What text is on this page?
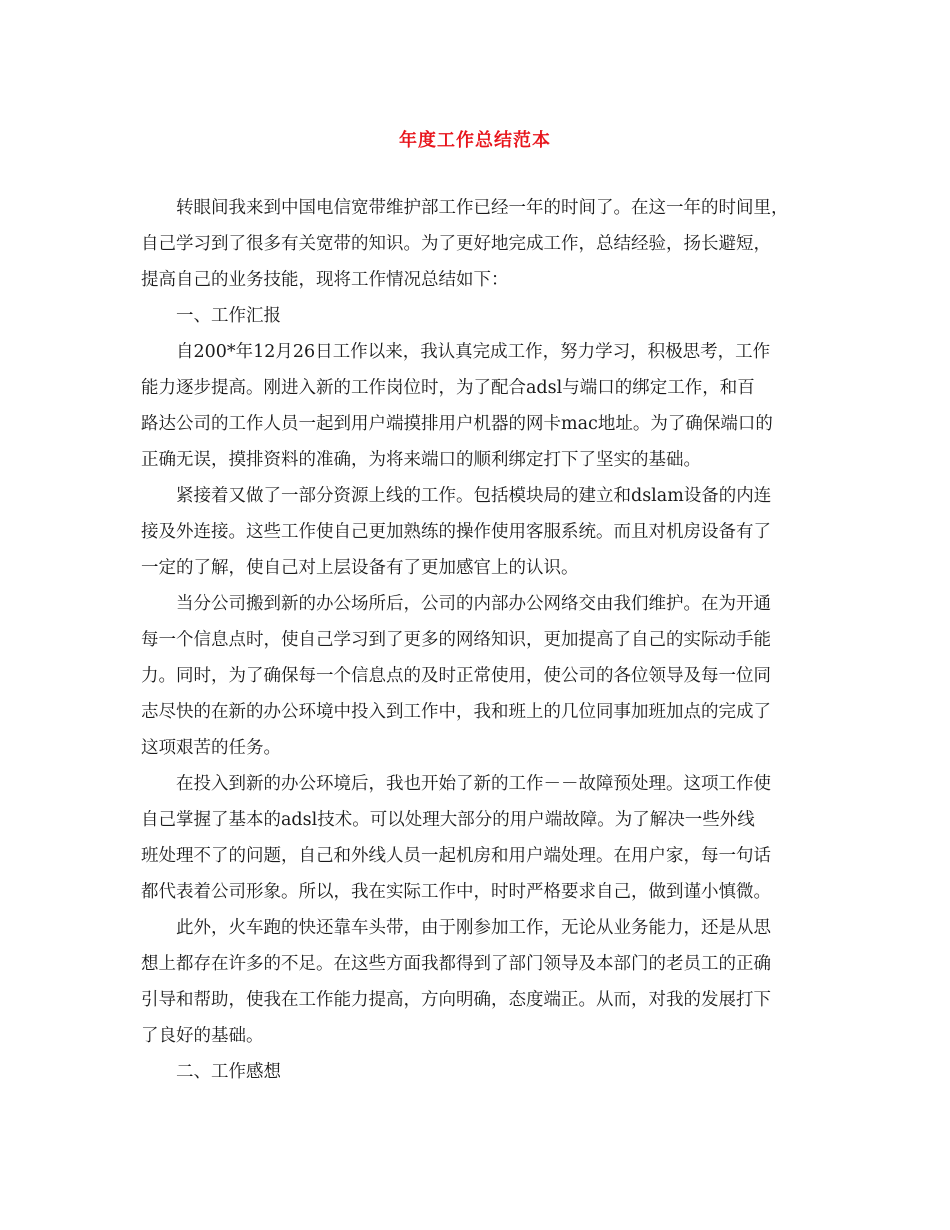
年度工作总结范本
转眼间我来到中国电信宽带维护部工作已经一年的时间了。在这一年的时间里，
自己学习到了很多有关宽带的知识。为了更好地完成工作，总结经验，扬长避短，
提高自己的业务技能，现将工作情况总结如下：
一、工作汇报
自200*年12月26日工作以来，我认真完成工作，努力学习，积极思考，工作
能力逐步提高。刚进入新的工作岗位时，为了配合adsl与端口的绑定工作，和百
路达公司的工作人员一起到用户端摸排用户机器的网卡mac地址。为了确保端口的
正确无误，摸排资料的准确，为将来端口的顺利绑定打下了坚实的基础。
紧接着又做了一部分资源上线的工作。包括模块局的建立和dslam设备的内连
接及外连接。这些工作使自己更加熟练的操作使用客服系统。而且对机房设备有了
一定的了解，使自己对上层设备有了更加感官上的认识。
当分公司搬到新的办公场所后，公司的内部办公网络交由我们维护。在为开通
每一个信息点时，使自己学习到了更多的网络知识，更加提高了自己的实际动手能
力。同时，为了确保每一个信息点的及时正常使用，使公司的各位领导及每一位同
志尽快的在新的办公环境中投入到工作中，我和班上的几位同事加班加点的完成了
这项艰苦的任务。
在投入到新的办公环境后，我也开始了新的工作－－故障预处理。这项工作使
自己掌握了基本的adsl技术。可以处理大部分的用户端故障。为了解决一些外线
班处理不了的问题，自己和外线人员一起机房和用户端处理。在用户家，每一句话
都代表着公司形象。所以，我在实际工作中，时时严格要求自己，做到谨小慎微。
此外，火车跑的快还靠车头带，由于刚参加工作，无论从业务能力，还是从思
想上都存在许多的不足。在这些方面我都得到了部门领导及本部门的老员工的正确
引导和帮助，使我在工作能力提高，方向明确，态度端正。从而，对我的发展打下
了良好的基础。
二、工作感想
